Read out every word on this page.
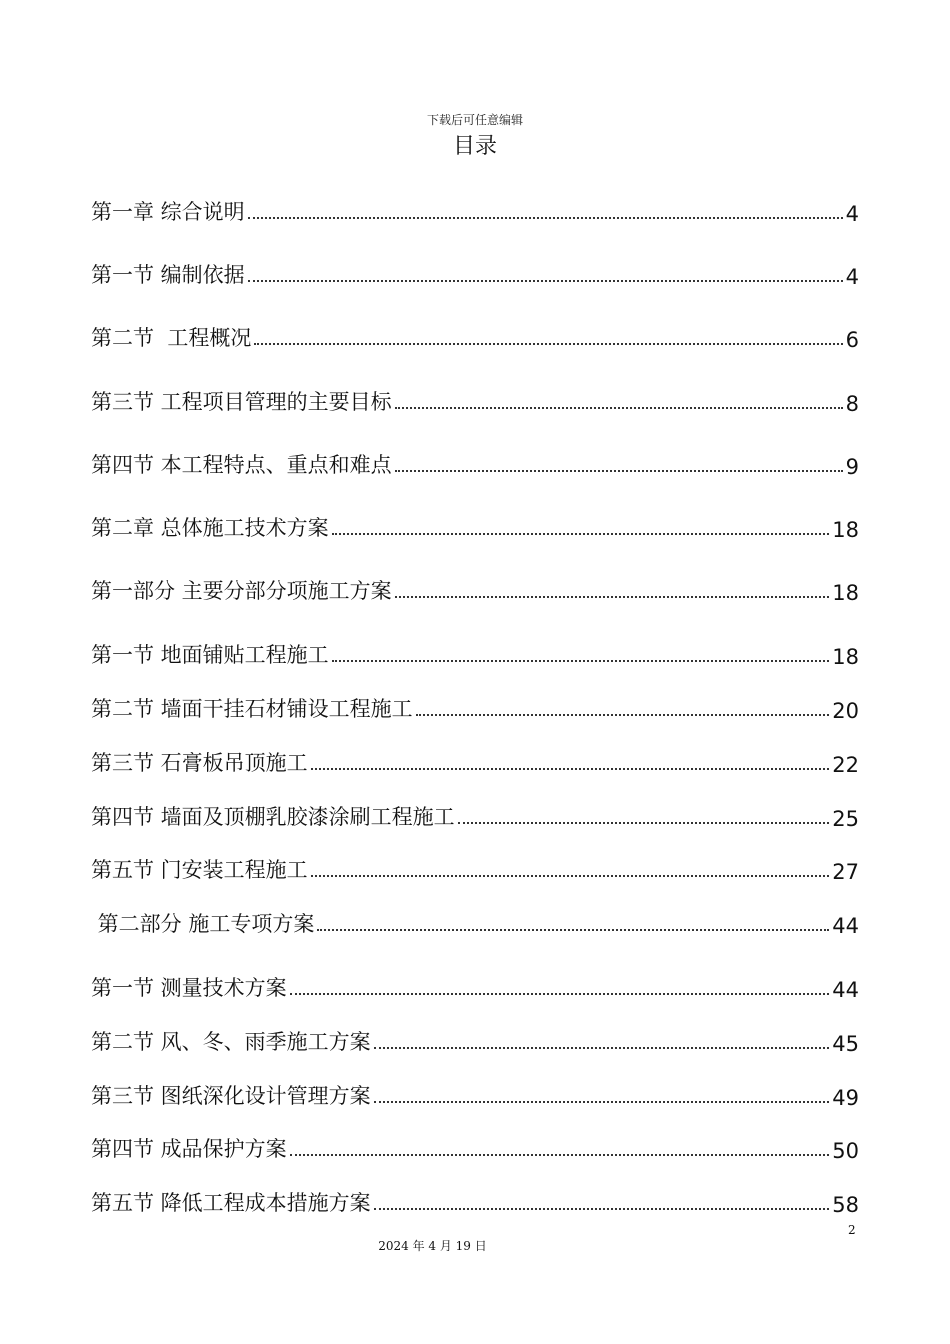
下载后可任意编辑
目录
第一章 综合说明	4
第一节 编制依据	4
第二节  工程概况	6
第三节 工程项目管理的主要目标	8
第四节 本工程特点、重点和难点	9
第二章 总体施工技术方案	18
第一部分 主要分部分项施工方案	18
第一节 地面铺贴工程施工	18
第二节 墙面干挂石材铺设工程施工	20
第三节 石膏板吊顶施工	22
第四节 墙面及顶棚乳胶漆涂刷工程施工	25
第五节 门安装工程施工	27
第二部分 施工专项方案	44
第一节 测量技术方案	44
第二节 风、冬、雨季施工方案	45
第三节 图纸深化设计管理方案	49
第四节 成品保护方案	50
第五节 降低工程成本措施方案	58
2
2024 年 4 月 19 日
